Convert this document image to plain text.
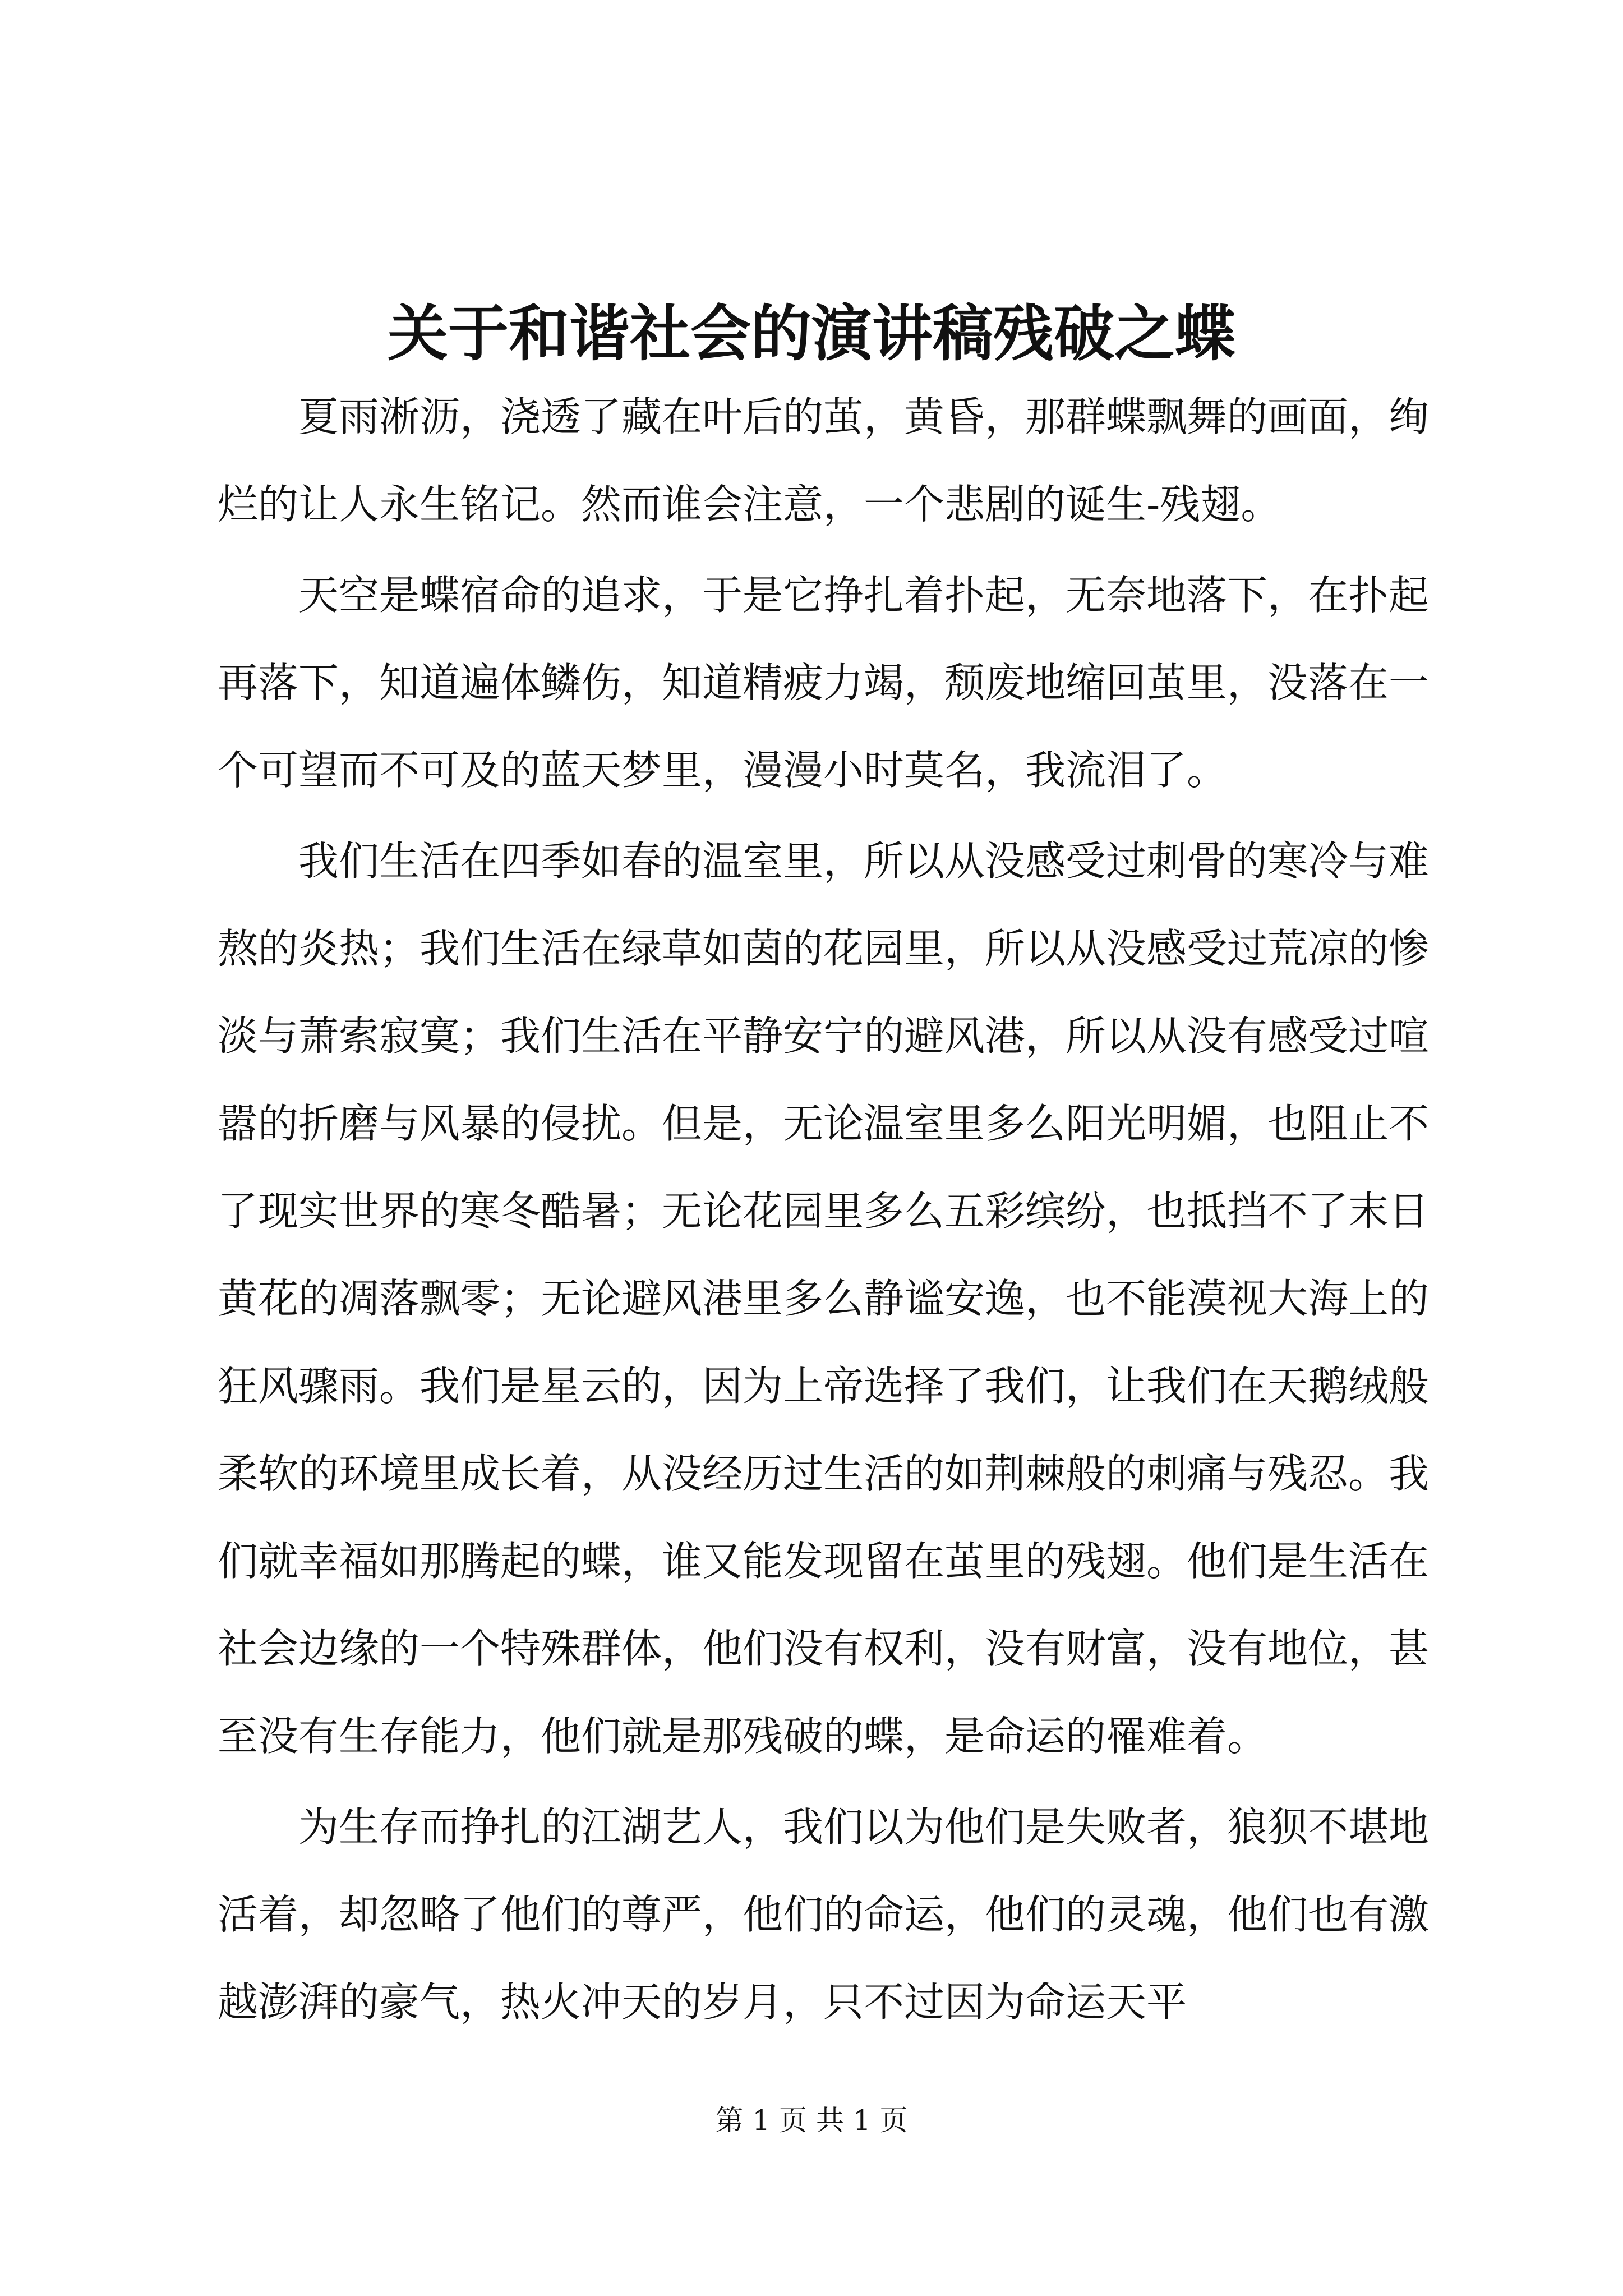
关于和谐社会的演讲稿残破之蝶

夏雨淅沥，浇透了藏在叶后的茧，黄昏，那群蝶飘舞的画面，绚烂的让人永生铭记。然而谁会注意，一个悲剧的诞生-残翅。

天空是蝶宿命的追求，于是它挣扎着扑起，无奈地落下，在扑起再落下，知道遍体鳞伤，知道精疲力竭，颓废地缩回茧里，没落在一个可望而不可及的蓝天梦里，漫漫小时莫名，我流泪了。

我们生活在四季如春的温室里，所以从没感受过刺骨的寒冷与难熬的炎热；我们生活在绿草如茵的花园里，所以从没感受过荒凉的惨淡与萧索寂寞；我们生活在平静安宁的避风港，所以从没有感受过喧嚣的折磨与风暴的侵扰。但是，无论温室里多么阳光明媚，也阻止不了现实世界的寒冬酷暑；无论花园里多么五彩缤纷，也抵挡不了末日黄花的凋落飘零；无论避风港里多么静谧安逸，也不能漠视大海上的狂风骤雨。我们是星云的，因为上帝选择了我们，让我们在天鹅绒般柔软的环境里成长着，从没经历过生活的如荆棘般的刺痛与残忍。我们就幸福如那腾起的蝶，谁又能发现留在茧里的残翅。他们是生活在社会边缘的一个特殊群体，他们没有权利，没有财富，没有地位，甚至没有生存能力，他们就是那残破的蝶，是命运的罹难着。

为生存而挣扎的江湖艺人，我们以为他们是失败者，狼狈不堪地活着，却忽略了他们的尊严，他们的命运，他们的灵魂，他们也有激越澎湃的豪气，热火冲天的岁月，只不过因为命运天平

第 1 页 共 1 页
